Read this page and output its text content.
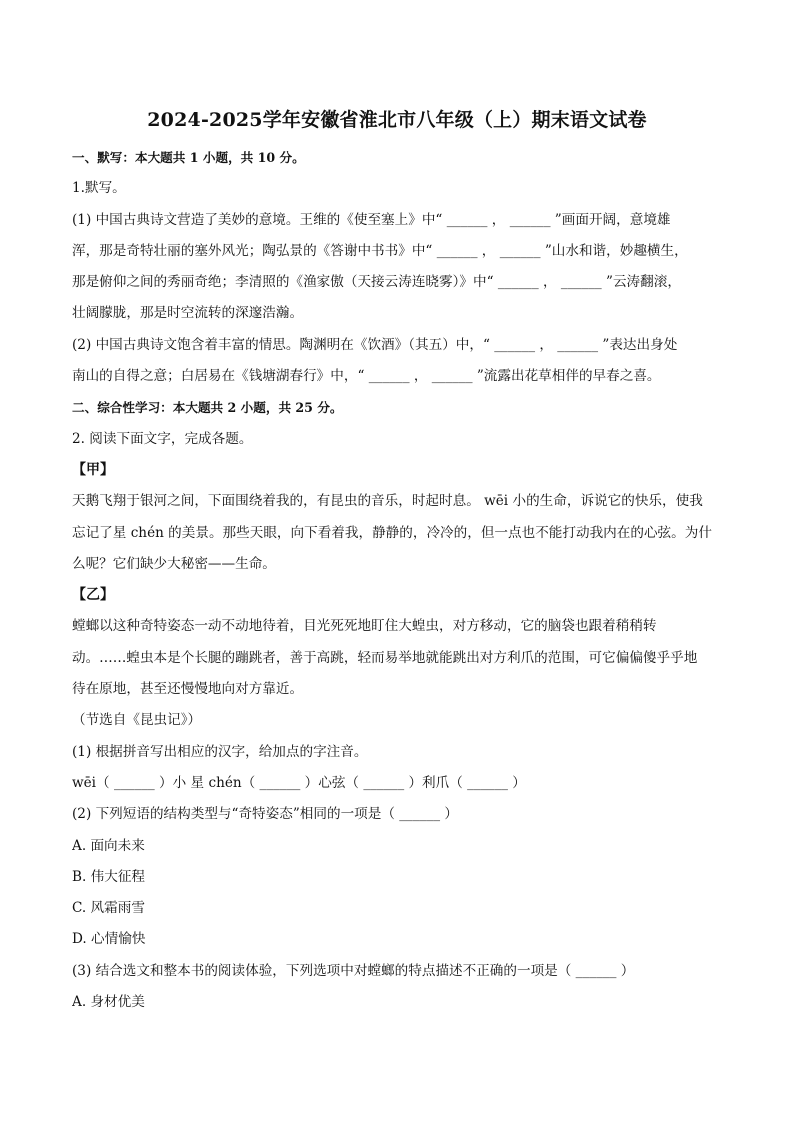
2024-2025学年安徽省淮北市八年级（上）期末语文试卷
一、默写：本大题共 1 小题，共 10 分。
1.默写。
(1) 中国古典诗文营造了美妙的意境。王维的《使至塞上》中“ ______ ， ______ ”画面开阔，意境雄
浑，那是奇特壮丽的塞外风光；陶弘景的《答谢中书书》中“ ______ ， ______ ”山水和谐，妙趣横生，
那是俯仰之间的秀丽奇绝；李清照的《渔家傲（天接云涛连晓雾）》中“ ______ ， ______ ”云涛翻滚，
壮阔朦胧，那是时空流转的深邃浩瀚。
(2) 中国古典诗文饱含着丰富的情思。陶渊明在《饮酒》（其五）中，“ ______ ， ______ ”表达出身处
南山的自得之意；白居易在《钱塘湖春行》中，“ ______ ， ______ ”流露出花草相伴的早春之喜。
二、综合性学习：本大题共 2 小题，共 25 分。
2. 阅读下面文字，完成各题。
【甲】
天鹅飞翔于银河之间，下面围绕着我的，有昆虫的音乐，时起时息。 wēi 小的生命，诉说它的快乐，使我
忘记了星 chén 的美景。那些天眼，向下看着我，静静的，冷冷的，但一点也不能打动我内在的心弦。为什
么呢？它们缺少大秘密——生命。
【乙】
螳螂以这种奇特姿态一动不动地待着，目光死死地盯住大蝗虫，对方移动，它的脑袋也跟着稍稍转
动。……蝗虫本是个长腿的蹦跳者，善于高跳，轻而易举地就能跳出对方利爪的范围，可它偏偏傻乎乎地
待在原地，甚至还慢慢地向对方靠近。
（节选自《昆虫记》）
(1) 根据拼音写出相应的汉字，给加点的字注音。
wēi（ ______ ）小 星 chén（ ______ ）心弦（ ______ ）利爪（ ______ ）
(2) 下列短语的结构类型与“奇特姿态”相同的一项是（ ______ ）
A. 面向未来
B. 伟大征程
C. 风霜雨雪
D. 心情愉快
(3) 结合选文和整本书的阅读体验，下列选项中对螳螂的特点描述不正确的一项是（ ______ ）
A. 身材优美
